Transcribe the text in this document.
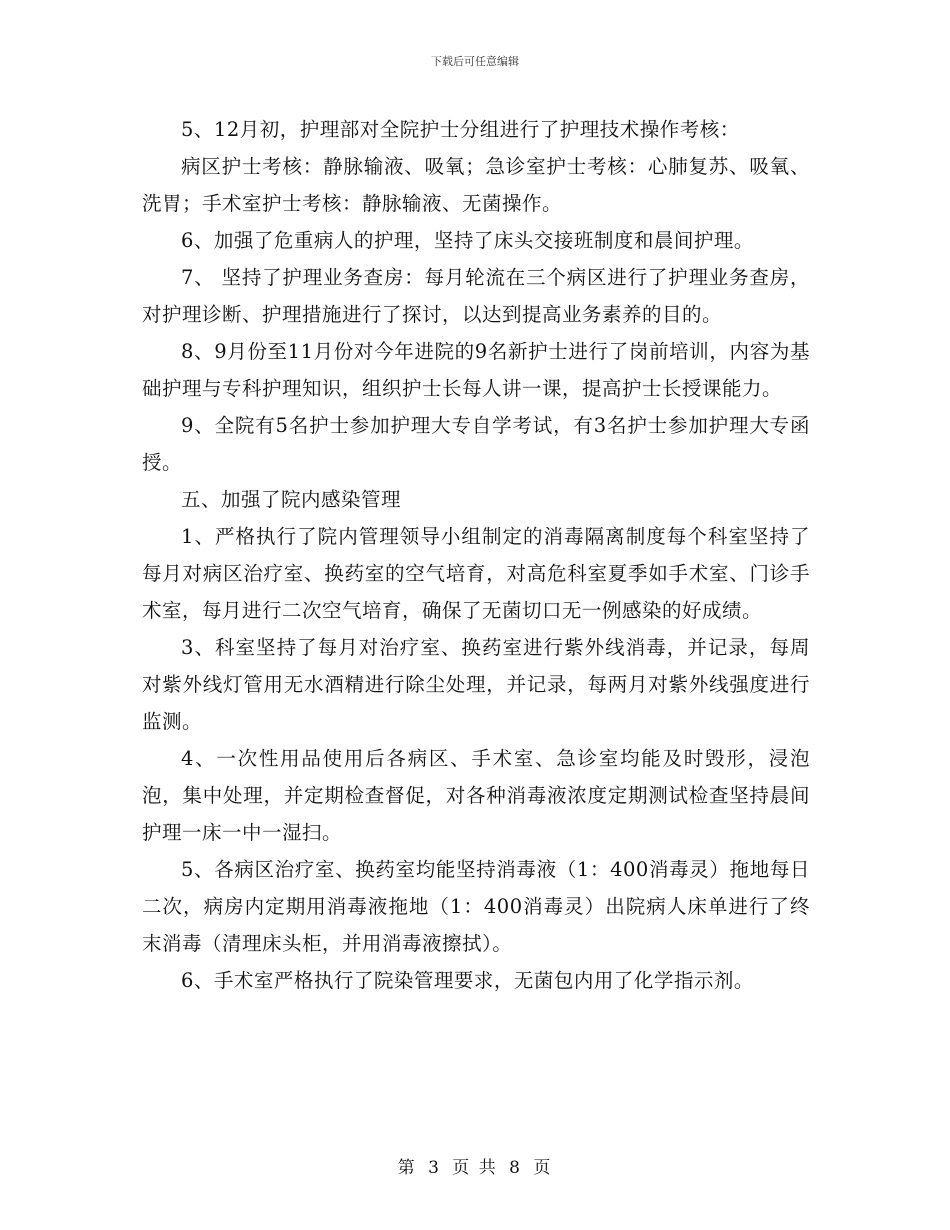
下载后可任意编辑

5、12月初，护理部对全院护士分组进行了护理技术操作考核：

病区护士考核：静脉输液、吸氧；急诊室护士考核：心肺复苏、吸氧、洗胃；手术室护士考核：静脉输液、无菌操作。

6、加强了危重病人的护理，坚持了床头交接班制度和晨间护理。

7、 坚持了护理业务查房：每月轮流在三个病区进行了护理业务查房，对护理诊断、护理措施进行了探讨，以达到提高业务素养的目的。

8、9月份至11月份对今年进院的9名新护士进行了岗前培训，内容为基础护理与专科护理知识，组织护士长每人讲一课，提高护士长授课能力。

9、全院有5名护士参加护理大专自学考试，有3名护士参加护理大专函授。

五、加强了院内感染管理

1、严格执行了院内管理领导小组制定的消毒隔离制度每个科室坚持了每月对病区治疗室、换药室的空气培育，对高危科室夏季如手术室、门诊手术室，每月进行二次空气培育，确保了无菌切口无一例感染的好成绩。

3、科室坚持了每月对治疗室、换药室进行紫外线消毒，并记录，每周对紫外线灯管用无水酒精进行除尘处理，并记录，每两月对紫外线强度进行监测。

4、一次性用品使用后各病区、手术室、急诊室均能及时毁形，浸泡泡，集中处理，并定期检查督促，对各种消毒液浓度定期测试检查坚持晨间护理一床一中一湿扫。

5、各病区治疗室、换药室均能坚持消毒液（1：400消毒灵）拖地每日二次，病房内定期用消毒液拖地（1：400消毒灵）出院病人床单进行了终末消毒（清理床头柜，并用消毒液擦拭）。

6、手术室严格执行了院染管理要求，无菌包内用了化学指示剂。

第 3 页 共 8 页
